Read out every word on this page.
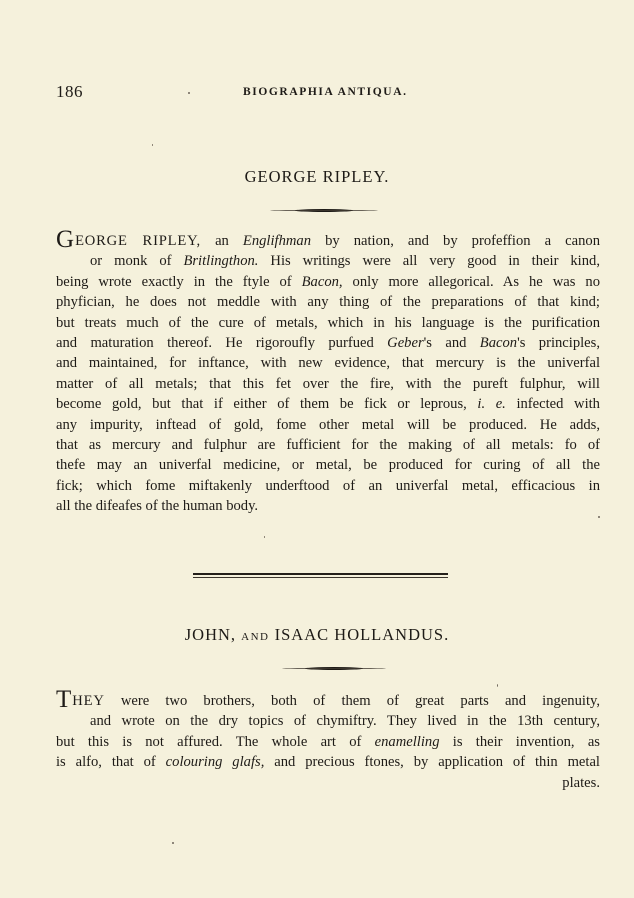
186	BIOGRAPHIA ANTIQUA.
GEORGE RIPLEY.
GEORGE RIPLEY, an Englifhman by nation, and by profeffion a canon
or monk of Britlingthon. His writings were all very good in their kind,
being wrote exactly in the ftyle of Bacon, only more allegorical. As he was no
phyfician, he does not meddle with any thing of the preparations of that kind;
but treats much of the cure of metals, which in his language is the purification
and maturation thereof. He rigoroufly purfued Geber's and Bacon's principles,
and maintained, for inftance, with new evidence, that mercury is the univerfal
matter of all metals; that this fet over the fire, with the pureft fulphur, will
become gold, but that if either of them be fick or leprous, i. e. infected with
any impurity, inftead of gold, fome other metal will be produced. He adds,
that as mercury and fulphur are fufficient for the making of all metals: fo of
thefe may an univerfal medicine, or metal, be produced for curing of all the
fick; which fome miftakenly underftood of an univerfal metal, efficacious in
all the difeafes of the human body.
JOHN, AND ISAAC HOLLANDUS.
THEY were two brothers, both of them of great parts and ingenuity,
and wrote on the dry topics of chymiftry. They lived in the 13th century,
but this is not affured. The whole art of enamelling is their invention, as
is alfo, that of colouring glafs, and precious ftones, by application of thin metal
plates.
